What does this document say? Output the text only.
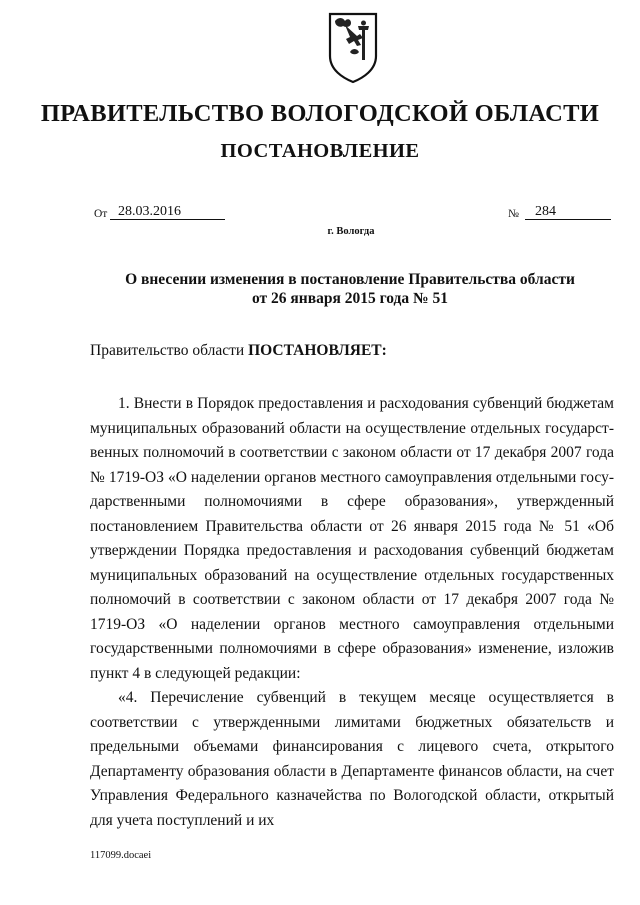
ПРАВИТЕЛЬСТВО ВОЛОГОДСКОЙ ОБЛАСТИ
ПОСТАНОВЛЕНИЕ
От 28.03.2016	№	284
г. Вологда
О внесении изменения в постановление Правительства области
от 26 января 2015 года № 51
Правительство области ПОСТАНОВЛЯЕТ:

1. Внести в Порядок предоставления и расходования субвенций бюджетам муниципальных образований области на осуществление отдельных государственных полномочий в соответствии с законом области от 17 декабря 2007 года № 1719-ОЗ «О наделении органов местного самоуправления отдельными государственными полномочиями в сфере образования», утвержденный постановлением Правительства области от 26 января 2015 года № 51 «Об утверждении Порядка предоставления и расходования субвенций бюджетам муниципальных образований на осуществление отдельных государственных полномочий в соответствии с законом области от 17 декабря 2007 года № 1719-ОЗ «О наделении органов местного самоуправления отдельными государственными полномочиями в сфере образования» изменение, изложив пункт 4 в следующей редакции:

«4. Перечисление субвенций в текущем месяце осуществляется в соответствии с утвержденными лимитами бюджетных обязательств и предельными объемами финансирования с лицевого счета, открытого Департаменту образования области в Департаменте финансов области, на счет Управления Федерального казначейства по Вологодской области, открытый для учета поступлений и их

117099.docaei
